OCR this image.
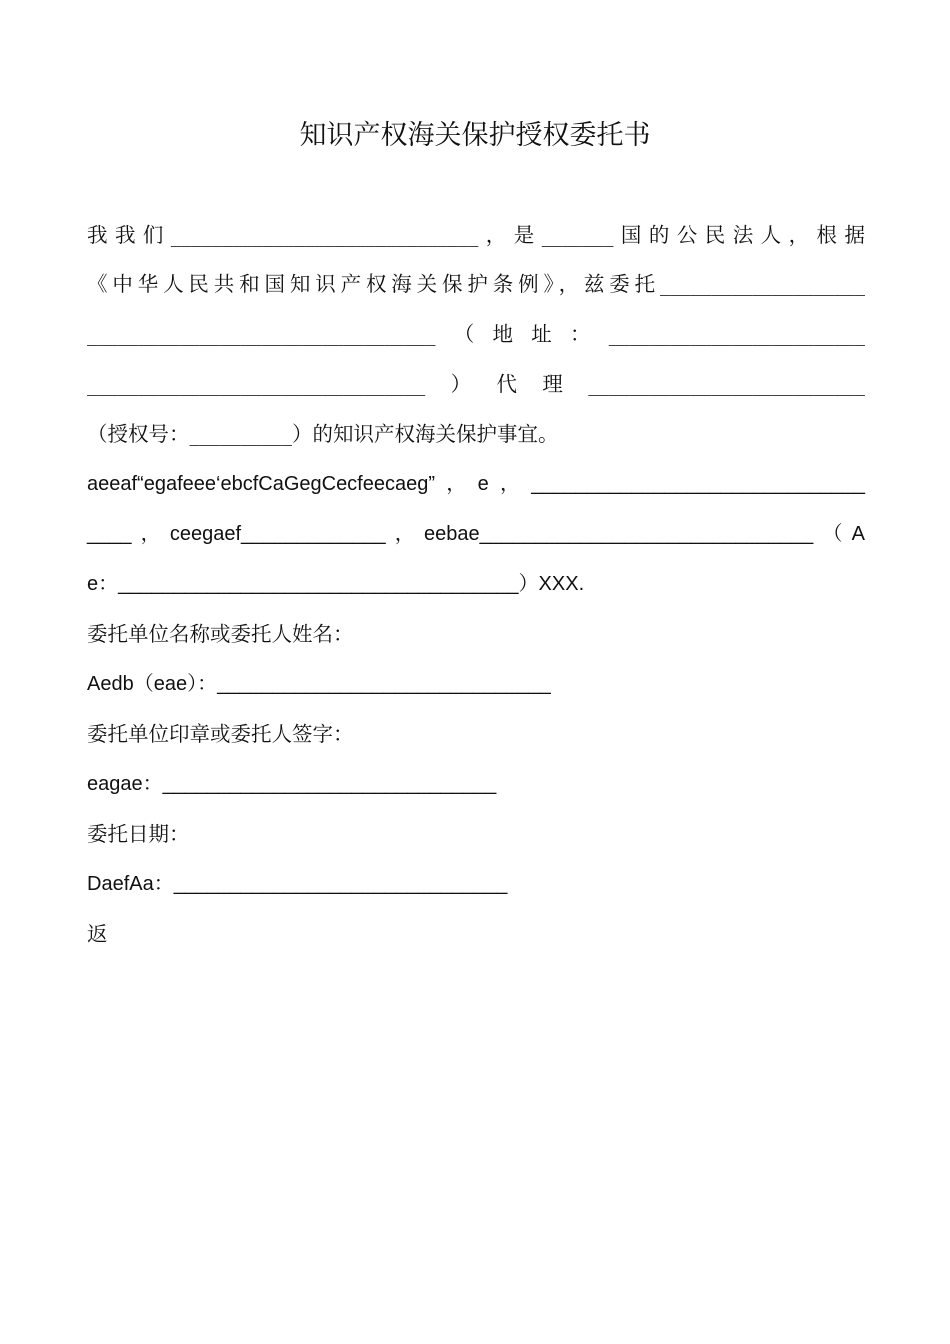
知识产权海关保护授权委托书
我我们______________________________，是_______国的公民法人，根据
《中华人民共和国知识产权海关保护条例》，兹委托____________________
__________________________________（地址：_________________________
_________________________________）代理___________________________
（授权号：__________）的知识产权海关保护事宜。
aeeaf“egafeee‘ebcfCaGegCecfeecaeg”，e，______________________________
____，ceegaef_____________，eebae______________________________（A
e：____________________________________）XXX.
委托单位名称或委托人姓名：
Aedb（eae）：______________________________
委托单位印章或委托人签字：
eagae：______________________________
委托日期：
DaefAa：______________________________
返
